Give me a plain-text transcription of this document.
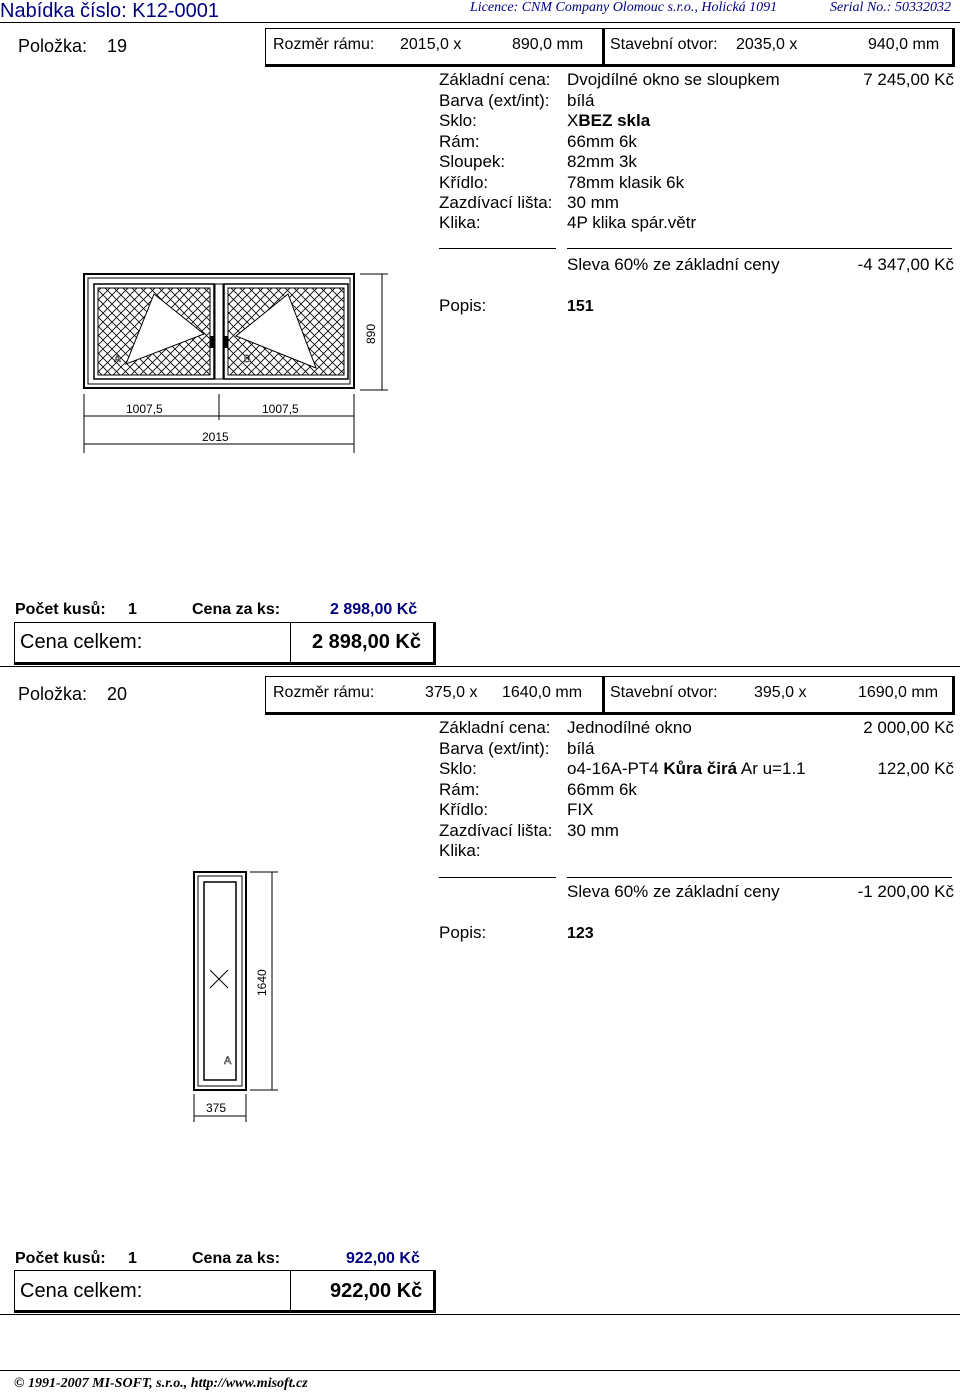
Nabídka číslo: K12-0001	Licence: CNM Company Olomouc s.r.o., Holická 1091	Serial No.: 50332032
Položka: 19	Rozměr rámu: 2015,0 x	890,0 mm Stavební otvor: 2035,0 x	940,0 mm
Základní cena: Dvojdílné okno se sloupkem	7 245,00 Kč
Barva (ext/int): bílá
Sklo:	XBEZ skla
Rám:	66mm 6k
Sloupek:	82mm 3k
Křídlo:	78mm klasik 6k
Zazdívací lišta: 30 mm
Klika:	4P klika spár.větr
Sleva 60% ze základní ceny	-4 347,00 Kč
Popis:	151
A	B
890
1007,5	1007,5
2015
Počet kusů: 1	Cena za ks:	2 898,00 Kč
Cena celkem:	2 898,00 Kč
Položka: 20	Rozměr rámu:	375,0 x 1640,0 mm Stavební otvor: 395,0 x	1690,0 mm
Základní cena: Jednodílné okno	2 000,00 Kč
Barva (ext/int): bílá
Sklo:	o4-16A-PT4 Kůra čirá Ar u=1.1	122,00 Kč
Rám:	66mm 6k
Křídlo:	FIX
Zazdívací lišta: 30 mm
Klika:
Sleva 60% ze základní ceny	-1 200,00 Kč
Popis:	123
A
1640
375
Počet kusů: 1	Cena za ks:	922,00 Kč
Cena celkem:	922,00 Kč
© 1991-2007 MI-SOFT, s.r.o., http://www.misoft.cz
